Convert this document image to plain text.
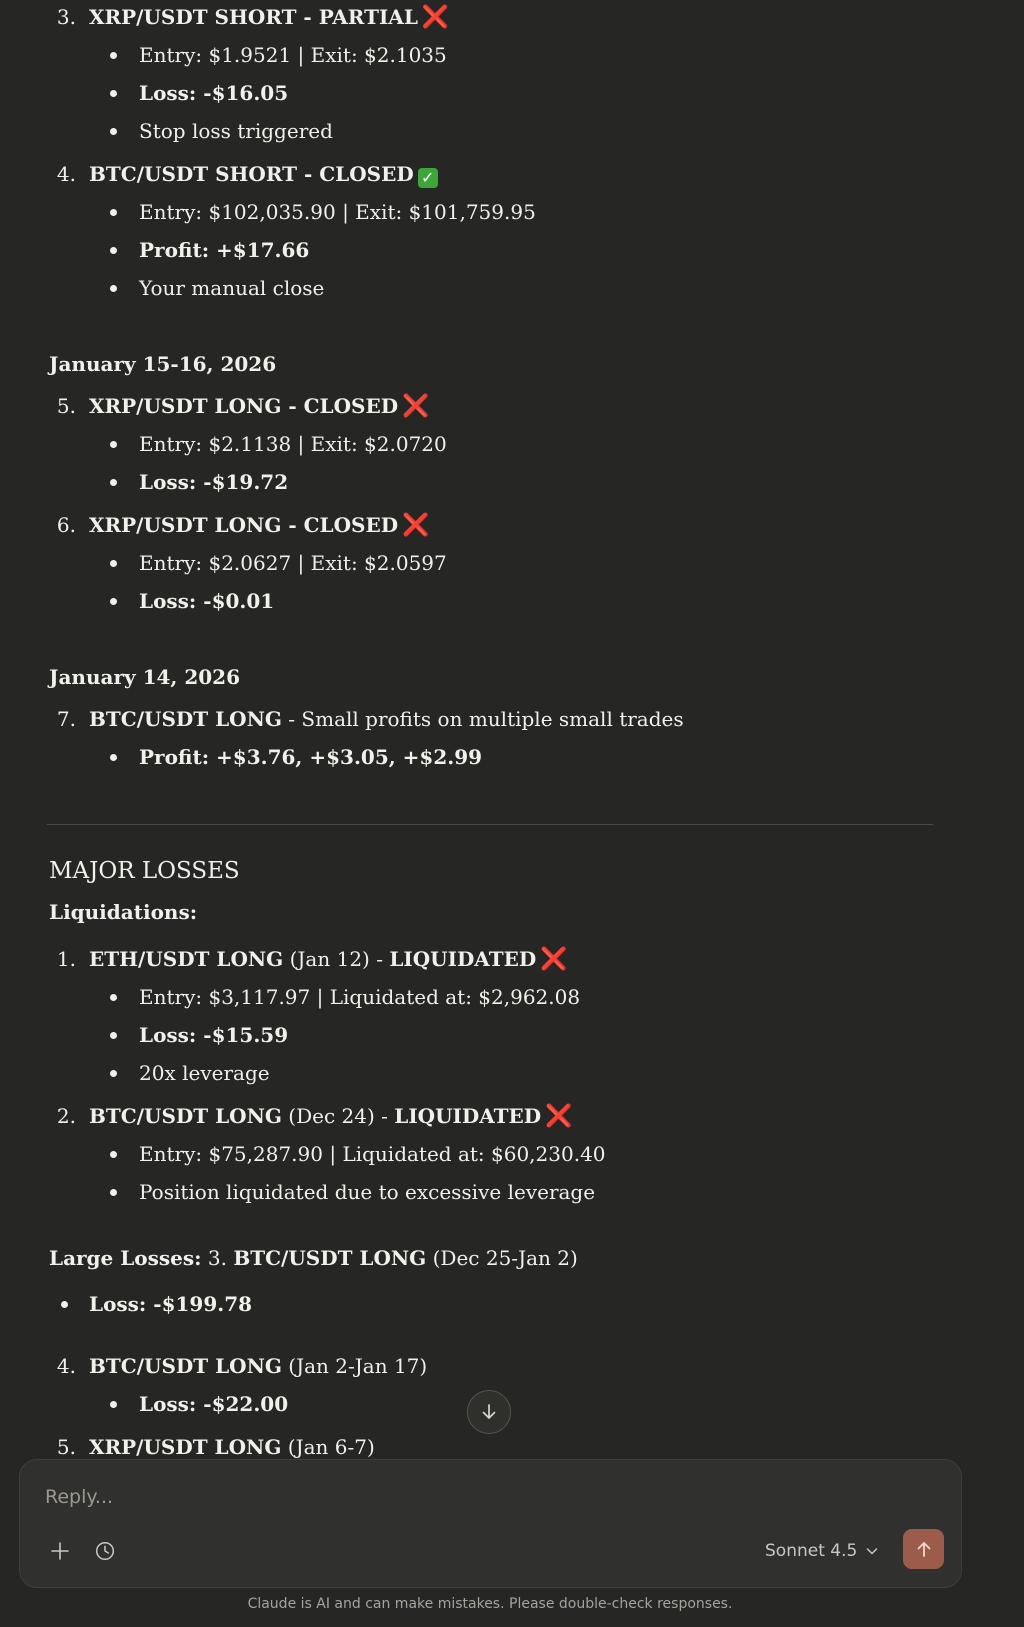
3. XRP/USDT SHORT - PARTIAL ❌
Entry: $1.9521 | Exit: $2.1035
Loss: -$16.05
Stop loss triggered
4. BTC/USDT SHORT - CLOSED ✓
Entry: $102,035.90 | Exit: $101,759.95
Profit: +$17.66
Your manual close
January 15-16, 2026
5. XRP/USDT LONG - CLOSED ❌
Entry: $2.1138 | Exit: $2.0720
Loss: -$19.72
6. XRP/USDT LONG - CLOSED ❌
Entry: $2.0627 | Exit: $2.0597
Loss: -$0.01
January 14, 2026
7. BTC/USDT LONG - Small profits on multiple small trades
Profit: +$3.76, +$3.05, +$2.99
MAJOR LOSSES
Liquidations:
1. ETH/USDT LONG (Jan 12) - LIQUIDATED ❌
Entry: $3,117.97 | Liquidated at: $2,962.08
Loss: -$15.59
20x leverage
2. BTC/USDT LONG (Dec 24) - LIQUIDATED ❌
Entry: $75,287.90 | Liquidated at: $60,230.40
Position liquidated due to excessive leverage
Large Losses: 3. BTC/USDT LONG (Dec 25-Jan 2)
Loss: -$199.78
4. BTC/USDT LONG (Jan 2-Jan 17)
Loss: -$22.00
5. XRP/USDT LONG (Jan 6-7)
Reply...
Sonnet 4.5
Claude is AI and can make mistakes. Please double-check responses.
